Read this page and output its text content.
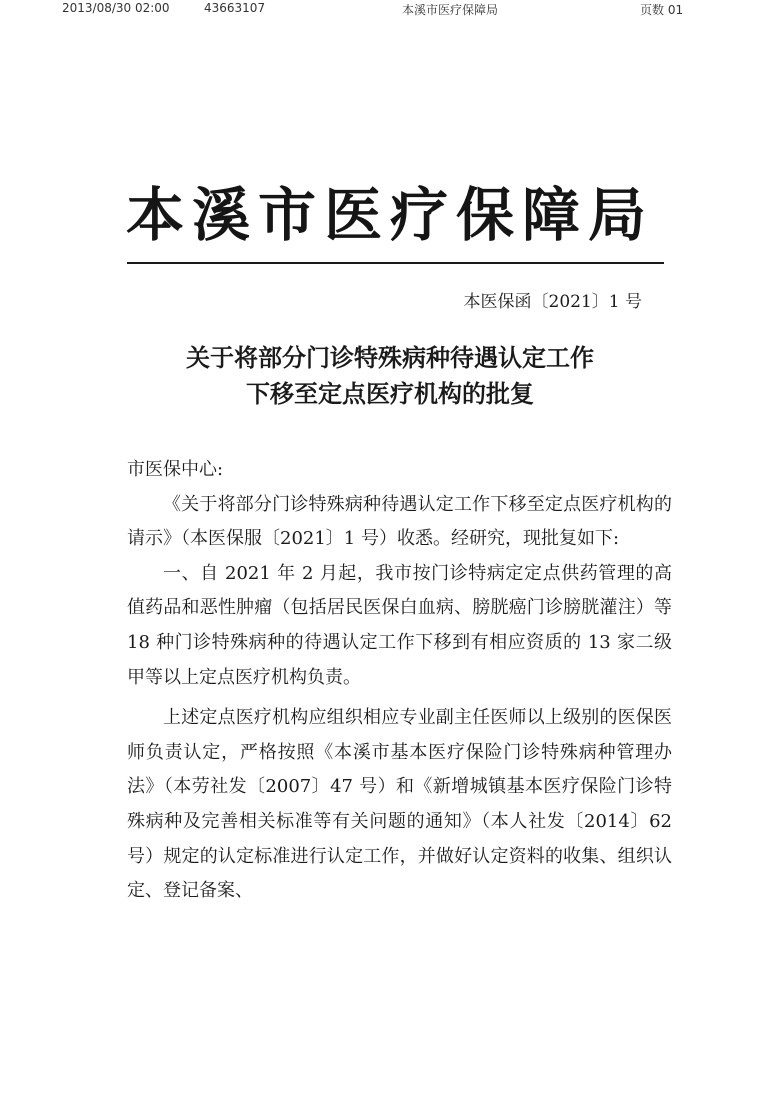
2013/08/30 02:00	43663107	本溪市医疗保障局	页数 01
本溪市医疗保障局
本医保函〔2021〕1 号
关于将部分门诊特殊病种待遇认定工作
下移至定点医疗机构的批复

市医保中心:

《关于将部分门诊特殊病种待遇认定工作下移至定点医疗机构的请示》（本医保服〔2021〕1 号）收悉。经研究，现批复如下:

一、自 2021 年 2 月起，我市按门诊特病定定点供药管理的高值药品和恶性肿瘤（包括居民医保白血病、膀胱癌门诊膀胱灌注）等 18 种门诊特殊病种的待遇认定工作下移到有相应资质的 13 家二级甲等以上定点医疗机构负责。

上述定点医疗机构应组织相应专业副主任医师以上级别的医保医师负责认定，严格按照《本溪市基本医疗保险门诊特殊病种管理办法》（本劳社发〔2007〕47 号）和《新增城镇基本医疗保险门诊特殊病种及完善相关标准等有关问题的通知》（本人社发〔2014〕62 号）规定的认定标准进行认定工作，并做好认定资料的收集、组织认定、登记备案、
